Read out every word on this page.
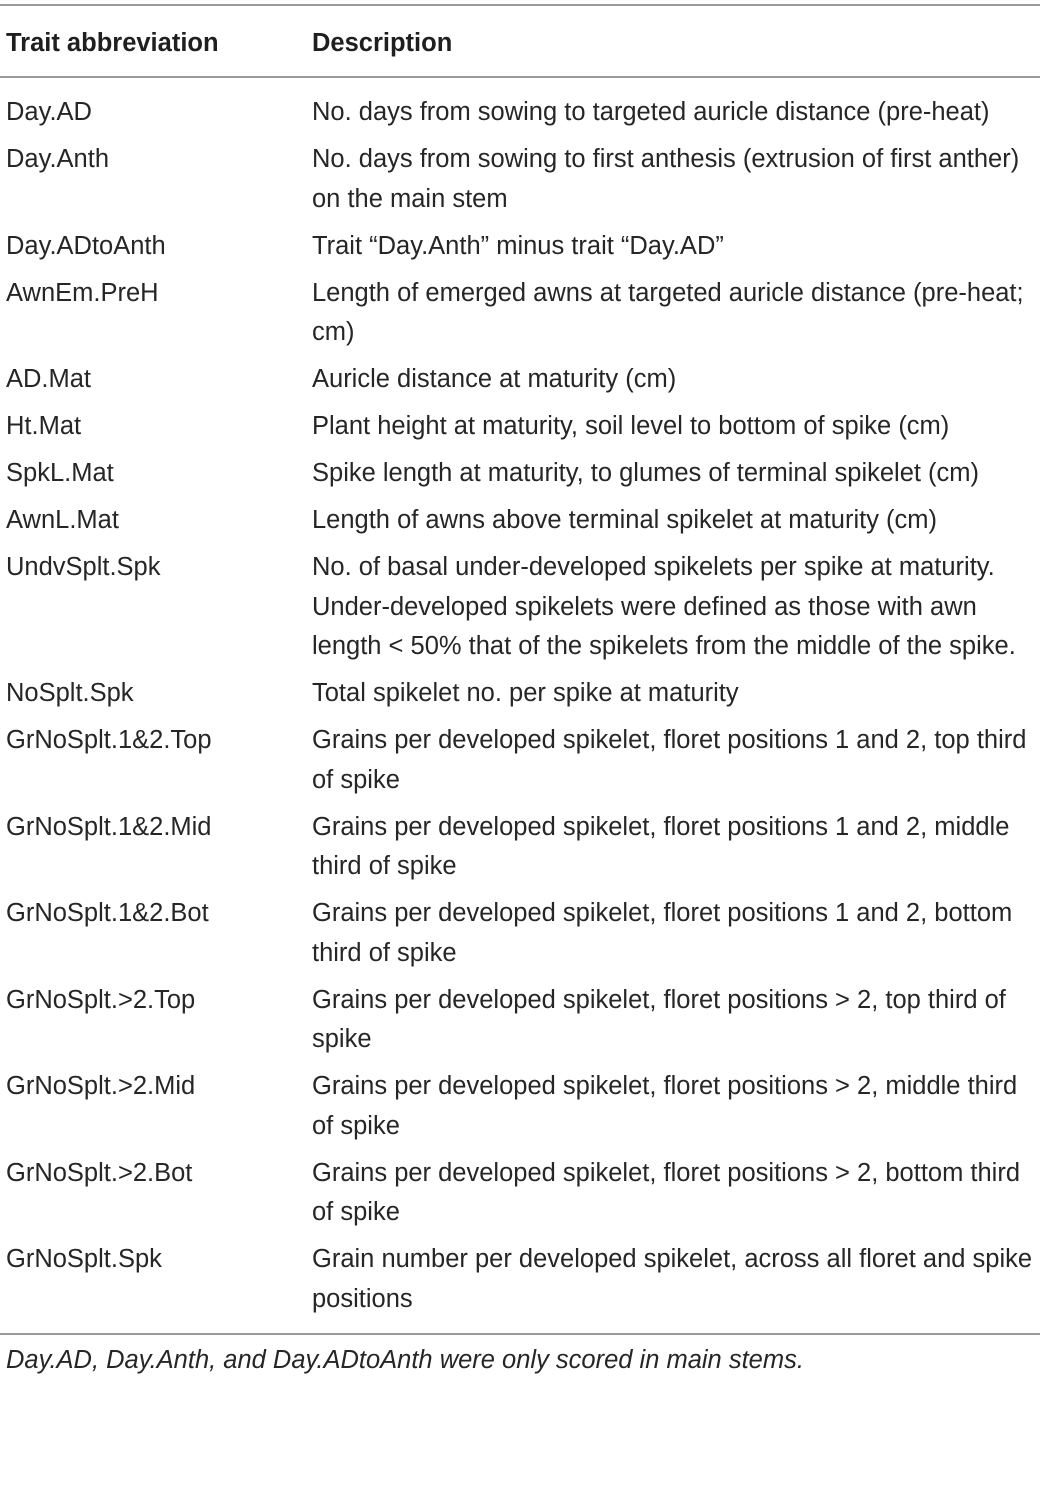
Trait abbreviation	Description
Day.AD	No. days from sowing to targeted auricle distance (pre-heat)
Day.Anth	No. days from sowing to first anthesis (extrusion of first anther) on the main stem
Day.ADtoAnth	Trait “Day.Anth” minus trait “Day.AD”
AwnEm.PreH	Length of emerged awns at targeted auricle distance (pre-heat; cm)
AD.Mat	Auricle distance at maturity (cm)
Ht.Mat	Plant height at maturity, soil level to bottom of spike (cm)
SpkL.Mat	Spike length at maturity, to glumes of terminal spikelet (cm)
AwnL.Mat	Length of awns above terminal spikelet at maturity (cm)
UndvSplt.Spk	No. of basal under-developed spikelets per spike at maturity. Under-developed spikelets were defined as those with awn length < 50% that of the spikelets from the middle of the spike.
NoSplt.Spk	Total spikelet no. per spike at maturity
GrNoSplt.1&2.Top	Grains per developed spikelet, floret positions 1 and 2, top third of spike
GrNoSplt.1&2.Mid	Grains per developed spikelet, floret positions 1 and 2, middle third of spike
GrNoSplt.1&2.Bot	Grains per developed spikelet, floret positions 1 and 2, bottom third of spike
GrNoSplt.>2.Top	Grains per developed spikelet, floret positions > 2, top third of spike
GrNoSplt.>2.Mid	Grains per developed spikelet, floret positions > 2, middle third of spike
GrNoSplt.>2.Bot	Grains per developed spikelet, floret positions > 2, bottom third of spike
GrNoSplt.Spk	Grain number per developed spikelet, across all floret and spike positions
Day.AD, Day.Anth, and Day.ADtoAnth were only scored in main stems.
